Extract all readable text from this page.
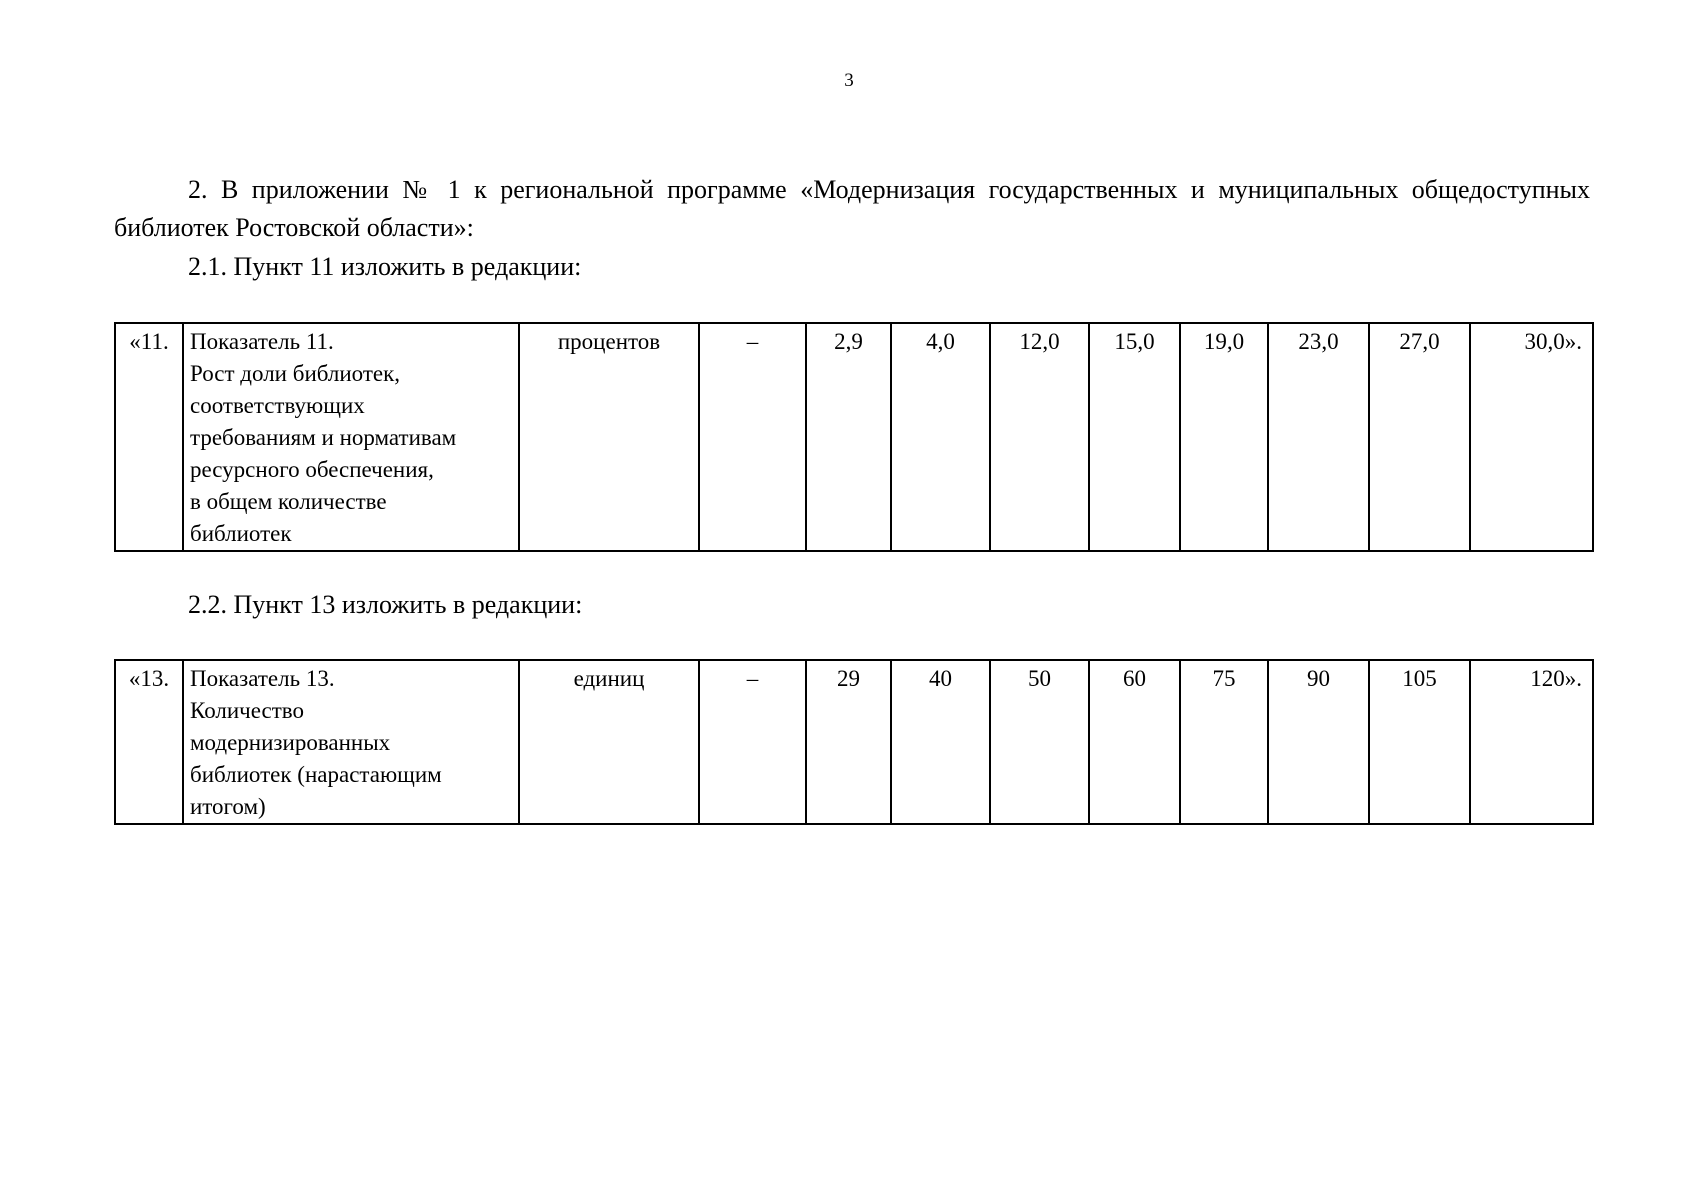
3
2. В приложении № 1 к региональной программе «Модернизация государственных и муниципальных общедоступных библиотек Ростовской области»:
2.1. Пункт 11 изложить в редакции:
«11.	Показатель 11.
Рост доли библиотек,
соответствующих
требованиям и нормативам
ресурсного обеспечения,
в общем количестве
библиотек
	процентов	–	2,9	4,0	12,0	15,0	19,0	23,0	27,0	30,0».
2.2. Пункт 13 изложить в редакции:
«13.	Показатель 13.
Количество
модернизированных
библиотек (нарастающим
итогом)
	единиц	–	29	40	50	60	75	90	105	120».
